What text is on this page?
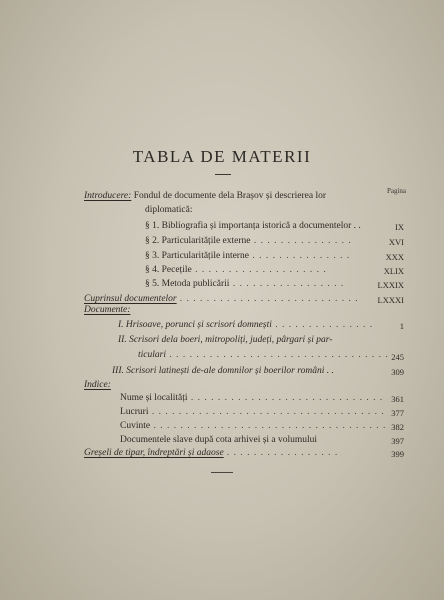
TABLA DE MATERII
Pagina
Introducere: Fondul de documente dela Brașov și descrierea lor
diplomatică:
§ 1. Bibliografia și importanța istorică a documentelor . .	IX
§ 2. Particularitățile externe . . . . . . . . . . . . . . .	XVI
§ 3. Particularitățile interne . . . . . . . . . . . . . . .	XXX
§ 4. Pecețile . . . . . . . . . . . . . . . . . . . .	XLIX
§ 5. Metoda publicării . . . . . . . . . . . . . . . . .	LXXIX
Cuprinsul documentelor . . . . . . . . . . . . . . . . . . . . . . . . . . .	LXXXI
Documente:
I. Hrisoave, porunci și scrisori domnești . . . . . . . . . . . . . . .	1
II. Scrisori dela boeri, mitropoliți, județi, pârgari și par-
ticulari . . . . . . . . . . . . . . . . . . . . . . . . . . . . . . . . . 245
III. Scrisori latinești de-ale domnilor și boerilor români . .	309
Indice:
Nume și localități . . . . . . . . . . . . . . . . . . . . . . . . . . . . . 361
Lucruri . . . . . . . . . . . . . . . . . . . . . . . . . . . . . . . . . . . 377
Cuvinte . . . . . . . . . . . . . . . . . . . . . . . . . . . . . . . . . . . 382
Documentele slave după cota arhivei și a volumului	397
Greșeli de tipar, îndreptări și adaose . . . . . . . . . . . . . . . . .	399
